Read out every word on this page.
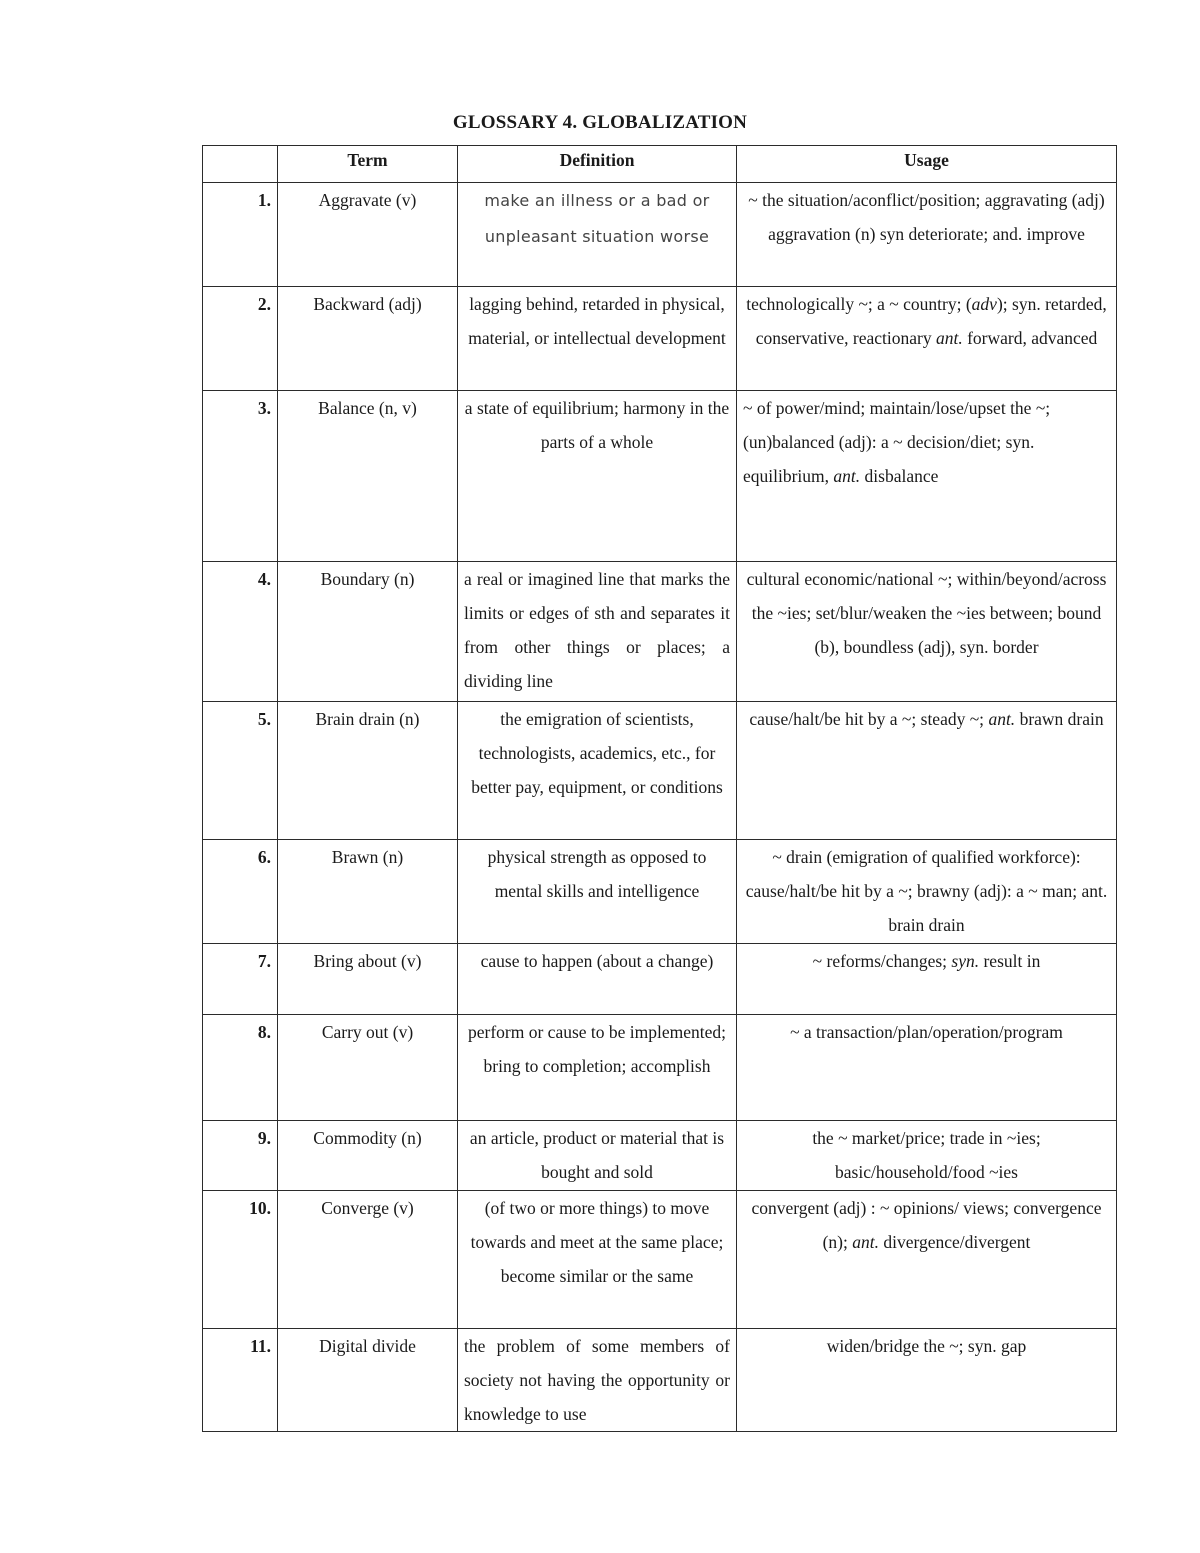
GLOSSARY 4. GLOBALIZATION
	Term	Definition	Usage
1.	Aggravate (v)	make an illness or a bad or unpleasant situation worse	~ the situation/aconflict/position; aggravating (adj) aggravation (n) syn deteriorate; and. improve
2.	Backward (adj)	lagging behind, retarded in physical, material, or intellectual development	technologically ~; a ~ country; (adv); syn. retarded, conservative, reactionary ant. forward, advanced
3.	Balance (n, v)	a state of equilibrium; harmony in the parts of a whole	~ of power/mind; maintain/lose/upset the ~; (un)balanced (adj): a ~ decision/diet; syn. equilibrium, ant. disbalance
4.	Boundary (n)	a real or imagined line that marks the limits or edges of sth and separates it from other things or places; a dividing line	cultural economic/national ~; within/beyond/across the ~ies; set/blur/weaken the ~ies between; bound (b), boundless (adj), syn. border
5.	Brain drain (n)	the emigration of scientists, technologists, academics, etc., for better pay, equipment, or conditions	cause/halt/be hit by a ~; steady ~; ant. brawn drain
6.	Brawn (n)	physical strength as opposed to mental skills and intelligence	~ drain (emigration of qualified workforce): cause/halt/be hit by a ~; brawny (adj): a ~ man; ant. brain drain
7.	Bring about (v)	cause to happen (about a change)	~ reforms/changes; syn. result in
8.	Carry out (v)	perform or cause to be implemented; bring to completion; accomplish	~ a transaction/plan/operation/program
9.	Commodity (n)	an article, product or material that is bought and sold	the ~ market/price; trade in ~ies; basic/household/food ~ies
10.	Converge (v)	(of two or more things) to move towards and meet at the same place; become similar or the same	convergent (adj) : ~ opinions/ views; convergence (n); ant. divergence/divergent
11.	Digital divide	the problem of some members of society not having the opportunity or knowledge to use	widen/bridge the ~; syn. gap
